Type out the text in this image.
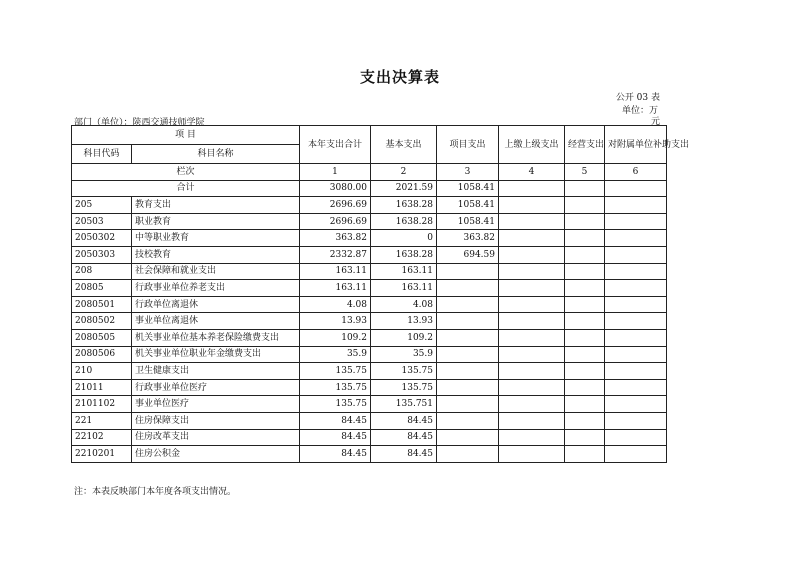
支出决算表
公开 03 表
单位：万
元
部门（单位）：陕西交通技师学院
项 目		本年支出合计	基本支出	项目支出	上缴上级支出	经营支出	对附属单位补助支出
科目代码	科目名称						
栏次		1	2	3	4	5	6
合计		3080.00	2021.59	1058.41			
205	教育支出	2696.69	1638.28	1058.41			
20503	职业教育	2696.69	1638.28	1058.41			
2050302	中等职业教育	363.82	0	363.82			
2050303	技校教育	2332.87	1638.28	694.59			
208	社会保障和就业支出	163.11	163.11				
20805	行政事业单位养老支出	163.11	163.11				
2080501	行政单位离退休	4.08	4.08				
2080502	事业单位离退休	13.93	13.93				
2080505	机关事业单位基本养老保险缴费支出	109.2	109.2				
2080506	机关事业单位职业年金缴费支出	35.9	35.9				
210	卫生健康支出	135.75	135.75				
21011	行政事业单位医疗	135.75	135.75				
2101102	事业单位医疗	135.75	135.751				
221	住房保障支出	84.45	84.45				
22102	住房改革支出	84.45	84.45				
2210201	住房公积金	84.45	84.45				
注：本表反映部门本年度各项支出情况。
